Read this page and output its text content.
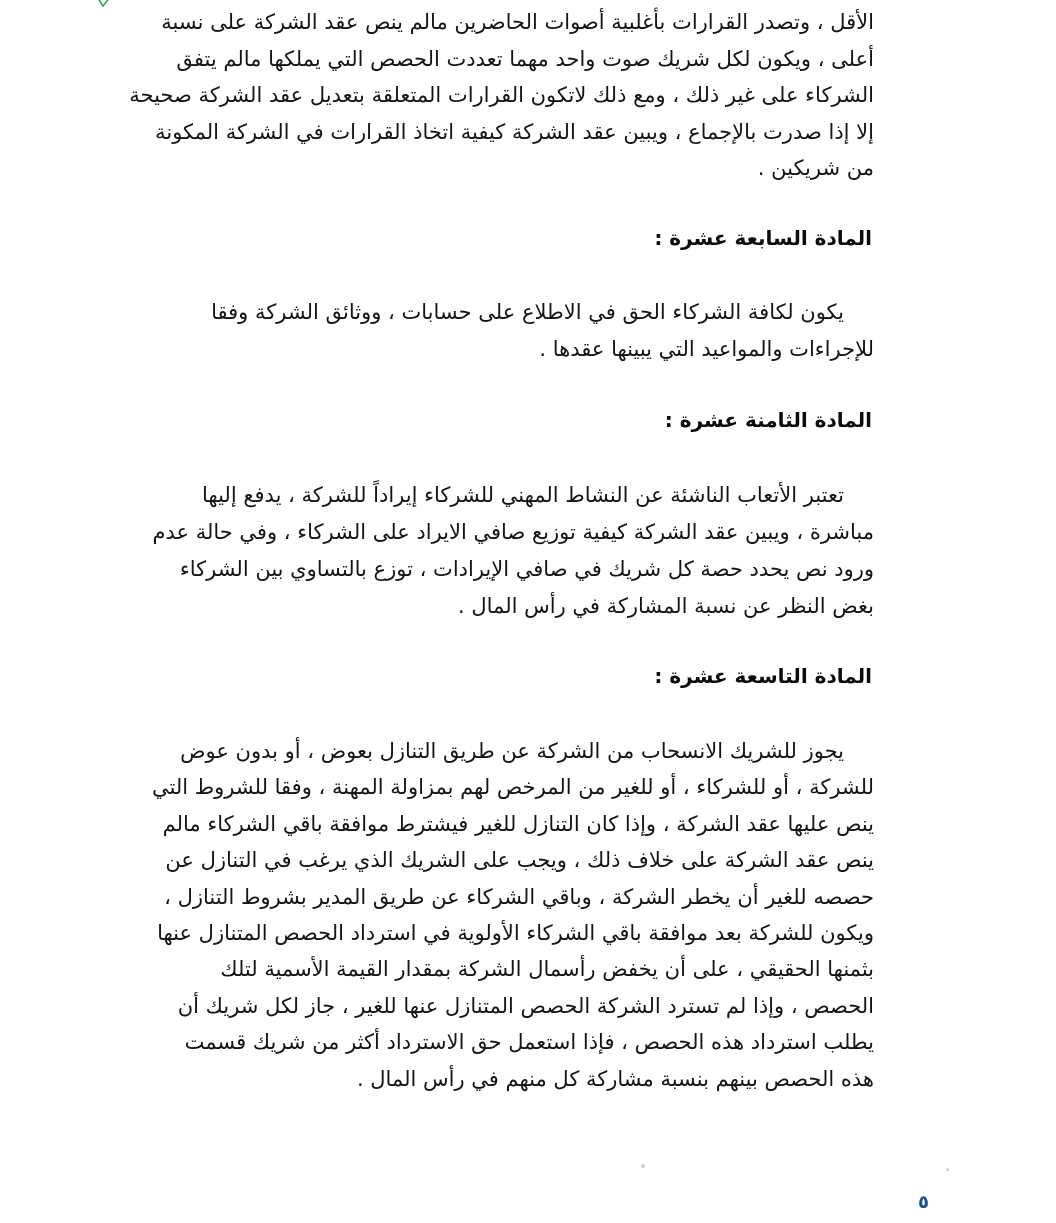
الأقل ، وتصدر القرارات بأغلبية أصوات الحاضرين مالم ينص عقد الشركة على نسبة
أعلى ، ويكون لكل شريك صوت واحد مهما تعددت الحصص التي يملكها مالم يتفق
الشركاء على غير ذلك ، ومع ذلك لاتكون القرارات المتعلقة بتعديل عقد الشركة صحيحة
إلا إذا صدرت بالإجماع ، ويبين عقد الشركة كيفية اتخاذ القرارات في الشركة المكونة
من شريكين .
المادة السابعة عشرة :
يكون لكافة الشركاء الحق في الاطلاع على حسابات ، ووثائق الشركة وفقا
للإجراءات والمواعيد التي يبينها عقدها .
المادة الثامنة عشرة :
تعتبر الأتعاب الناشئة عن النشاط المهني للشركاء إيراداً للشركة ، يدفع إليها
مباشرة ، ويبين عقد الشركة كيفية توزيع صافي الايراد على الشركاء ، وفي حالة عدم
ورود نص يحدد حصة كل شريك في صافي الإيرادات ، توزع بالتساوي بين الشركاء
بغض النظر عن نسبة المشاركة في رأس المال .
المادة التاسعة عشرة :
يجوز للشريك الانسحاب من الشركة عن طريق التنازل بعوض ، أو بدون عوض
للشركة ، أو للشركاء ، أو للغير من المرخص لهم بمزاولة المهنة ، وفقا للشروط التي
ينص عليها عقد الشركة ، وإذا كان التنازل للغير فيشترط موافقة باقي الشركاء مالم
ينص عقد الشركة على خلاف ذلك ، ويجب على الشريك الذي يرغب في التنازل عن
حصصه للغير أن يخطر الشركة ، وباقي الشركاء عن طريق المدير بشروط التنازل ،
ويكون للشركة بعد موافقة باقي الشركاء الأولوية في استرداد الحصص المتنازل عنها
بثمنها الحقيقي ، على أن يخفض رأسمال الشركة بمقدار القيمة الأسمية لتلك
الحصص ، وإذا لم تسترد الشركة الحصص المتنازل عنها للغير ، جاز لكل شريك أن
يطلب استرداد هذه الحصص ، فإذا استعمل حق الاسترداد أكثر من شريك قسمت
هذه الحصص بينهم بنسبة مشاركة كل منهم في رأس المال .
٥
